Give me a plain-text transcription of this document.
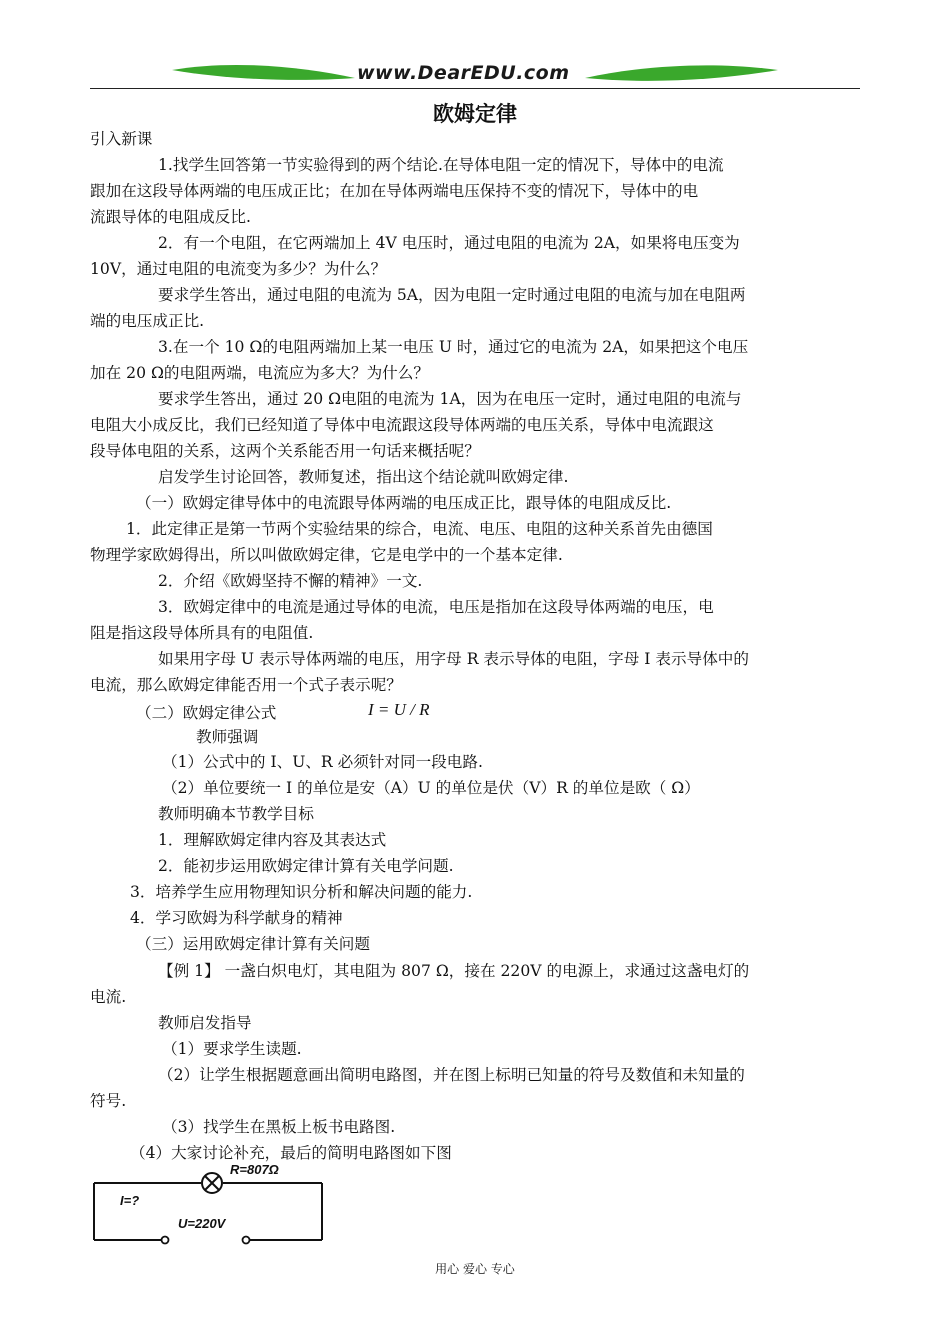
www.DearEDU.com
欧姆定律
引入新课
1.找学生回答第一节实验得到的两个结论.在导体电阻一定的情况下，导体中的电流
跟加在这段导体两端的电压成正比；在加在导体两端电压保持不变的情况下，导体中的电
流跟导体的电阻成反比.
2．有一个电阻，在它两端加上 4V 电压时，通过电阻的电流为 2A，如果将电压变为
10V，通过电阻的电流变为多少？为什么？
要求学生答出，通过电阻的电流为 5A，因为电阻一定时通过电阻的电流与加在电阻两
端的电压成正比.
3.在一个 10 Ω的电阻两端加上某一电压 U 时，通过它的电流为 2A，如果把这个电压
加在 20 Ω的电阻两端，电流应为多大？为什么？
要求学生答出，通过 20 Ω电阻的电流为 1A，因为在电压一定时，通过电阻的电流与
电阻大小成反比，我们已经知道了导体中电流跟这段导体两端的电压关系，导体中电流跟这
段导体电阻的关系，这两个关系能否用一句话来概括呢？
启发学生讨论回答，教师复述，指出这个结论就叫欧姆定律.
（一）欧姆定律导体中的电流跟导体两端的电压成正比，跟导体的电阻成反比.
1．此定律正是第一节两个实验结果的综合，电流、电压、电阻的这种关系首先由德国
物理学家欧姆得出，所以叫做欧姆定律，它是电学中的一个基本定律.
2．介绍《欧姆坚持不懈的精神》一文.
3．欧姆定律中的电流是通过导体的电流，电压是指加在这段导体两端的电压，电
阻是指这段导体所具有的电阻值.
如果用字母 U 表示导体两端的电压，用字母 R 表示导体的电阻，字母 I 表示导体中的
电流，那么欧姆定律能否用一个式子表示呢？
（二）欧姆定律公式	I = U / R
教师强调
（1）公式中的 I、U、R 必须针对同一段电路.
（2）单位要统一 I 的单位是安（A）U 的单位是伏（V）R 的单位是欧（ Ω）
教师明确本节教学目标
1．理解欧姆定律内容及其表达式
2．能初步运用欧姆定律计算有关电学问题.
3．培养学生应用物理知识分析和解决问题的能力.
4．学习欧姆为科学献身的精神
（三）运用欧姆定律计算有关问题
【例 1】 一盏白炽电灯，其电阻为 807 Ω，接在 220V 的电源上，求通过这盏电灯的
电流.
教师启发指导
（1）要求学生读题.
（2）让学生根据题意画出简明电路图，并在图上标明已知量的符号及数值和未知量的
符号.
（3）找学生在黑板上板书电路图.
（4）大家讨论补充，最后的简明电路图如下图
R=807Ω
I=?
U=220V
用心 爱心 专心
